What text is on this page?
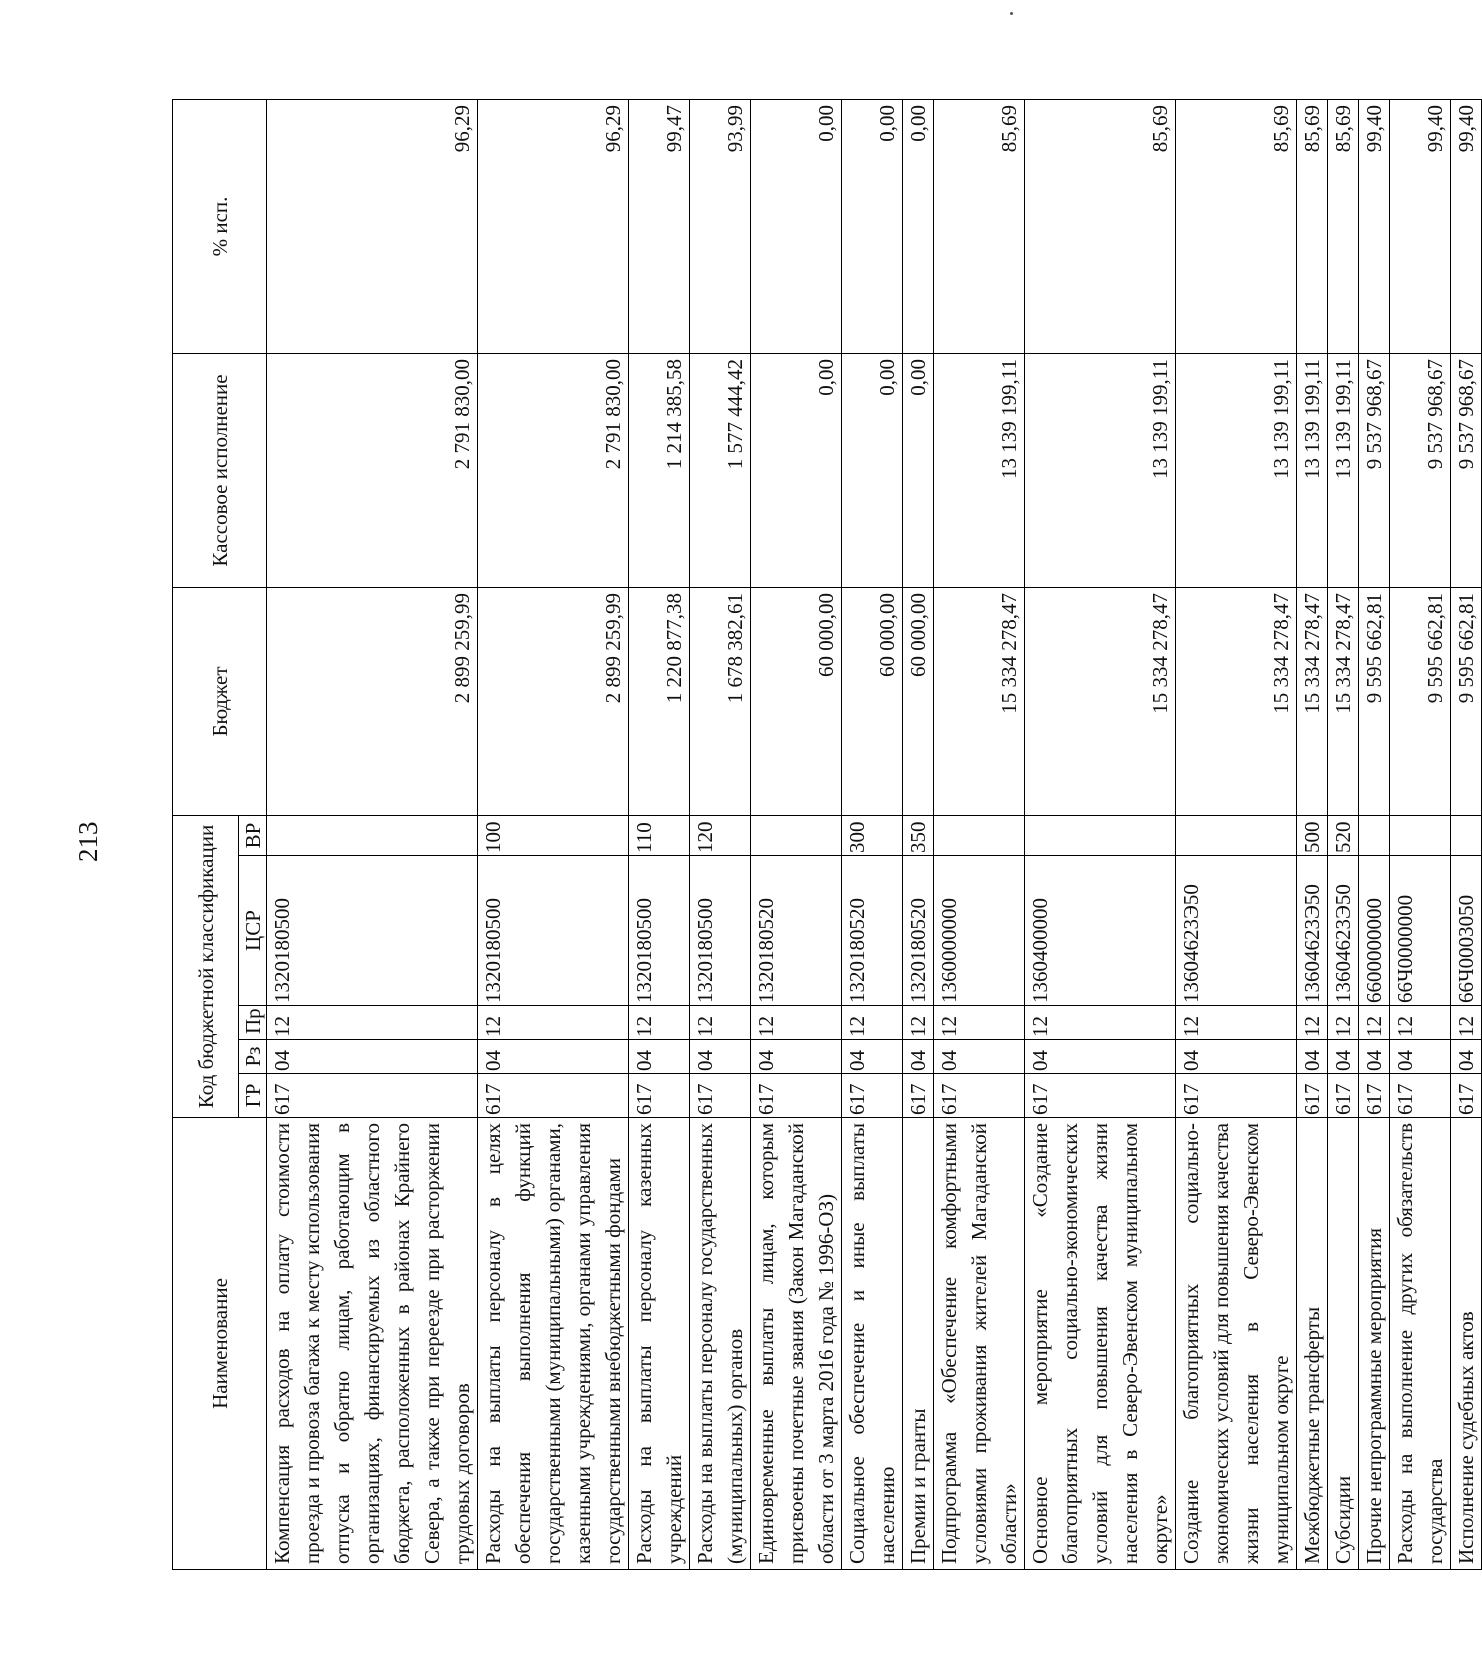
213
Наименование	Код бюджетной классификации					Бюджет	Кассовое исполнение	% исп.
	ГР	Рз	Пр	ЦСР	ВР			
Компенсация расходов на оплату стоимости проезда и провоза багажа к месту использования отпуска и обратно лицам, работающим в организациях, финансируемых из областного бюджета, расположенных в районах Крайнего Севера, а также при переезде при расторжении трудовых договоров	617	04	12	1320180500		2 899 259,99	2 791 830,00	96,29
Расходы на выплаты персоналу в целях обеспечения выполнения функций государственными (муниципальными) органами, казенными учреждениями, органами управления государственными внебюджетными фондами	617	04	12	1320180500	100	2 899 259,99	2 791 830,00	96,29
Расходы на выплаты персоналу казенных учреждений	617	04	12	1320180500	110	1 220 877,38	1 214 385,58	99,47
Расходы на выплаты персоналу государственных (муниципальных) органов	617	04	12	1320180500	120	1 678 382,61	1 577 444,42	93,99
Единовременные выплаты лицам, которым присвоены почетные звания (Закон Магаданской области от 3 марта 2016 года № 1996-ОЗ)	617	04	12	1320180520		60 000,00	0,00	0,00
Социальное обеспечение и иные выплаты населению	617	04	12	1320180520	300	60 000,00	0,00	0,00
Премии и гранты	617	04	12	1320180520	350	60 000,00	0,00	0,00
Подпрограмма «Обеспечение комфортными условиями проживания жителей Магаданской области»	617	04	12	1360000000		15 334 278,47	13 139 199,11	85,69
Основное мероприятие «Создание благоприятных социально-экономических условий для повышения качества жизни населения в Северо-Эвенском муниципальном округе»	617	04	12	1360400000		15 334 278,47	13 139 199,11	85,69
Создание благоприятных социально-экономических условий для повышения качества жизни населения в Северо-Эвенском муниципальном округе	617	04	12	13604623Э50		15 334 278,47	13 139 199,11	85,69
Межбюджетные трансферты	617	04	12	13604623Э50	500	15 334 278,47	13 139 199,11	85,69
Субсидии	617	04	12	13604623Э50	520	15 334 278,47	13 139 199,11	85,69
Прочие непрограммные мероприятия	617	04	12	6600000000		9 595 662,81	9 537 968,67	99,40
Расходы на выполнение других обязательств государства	617	04	12	66Ч0000000		9 595 662,81	9 537 968,67	99,40
Исполнение судебных актов	617	04	12	66Ч0003050		9 595 662,81	9 537 968,67	99,40
